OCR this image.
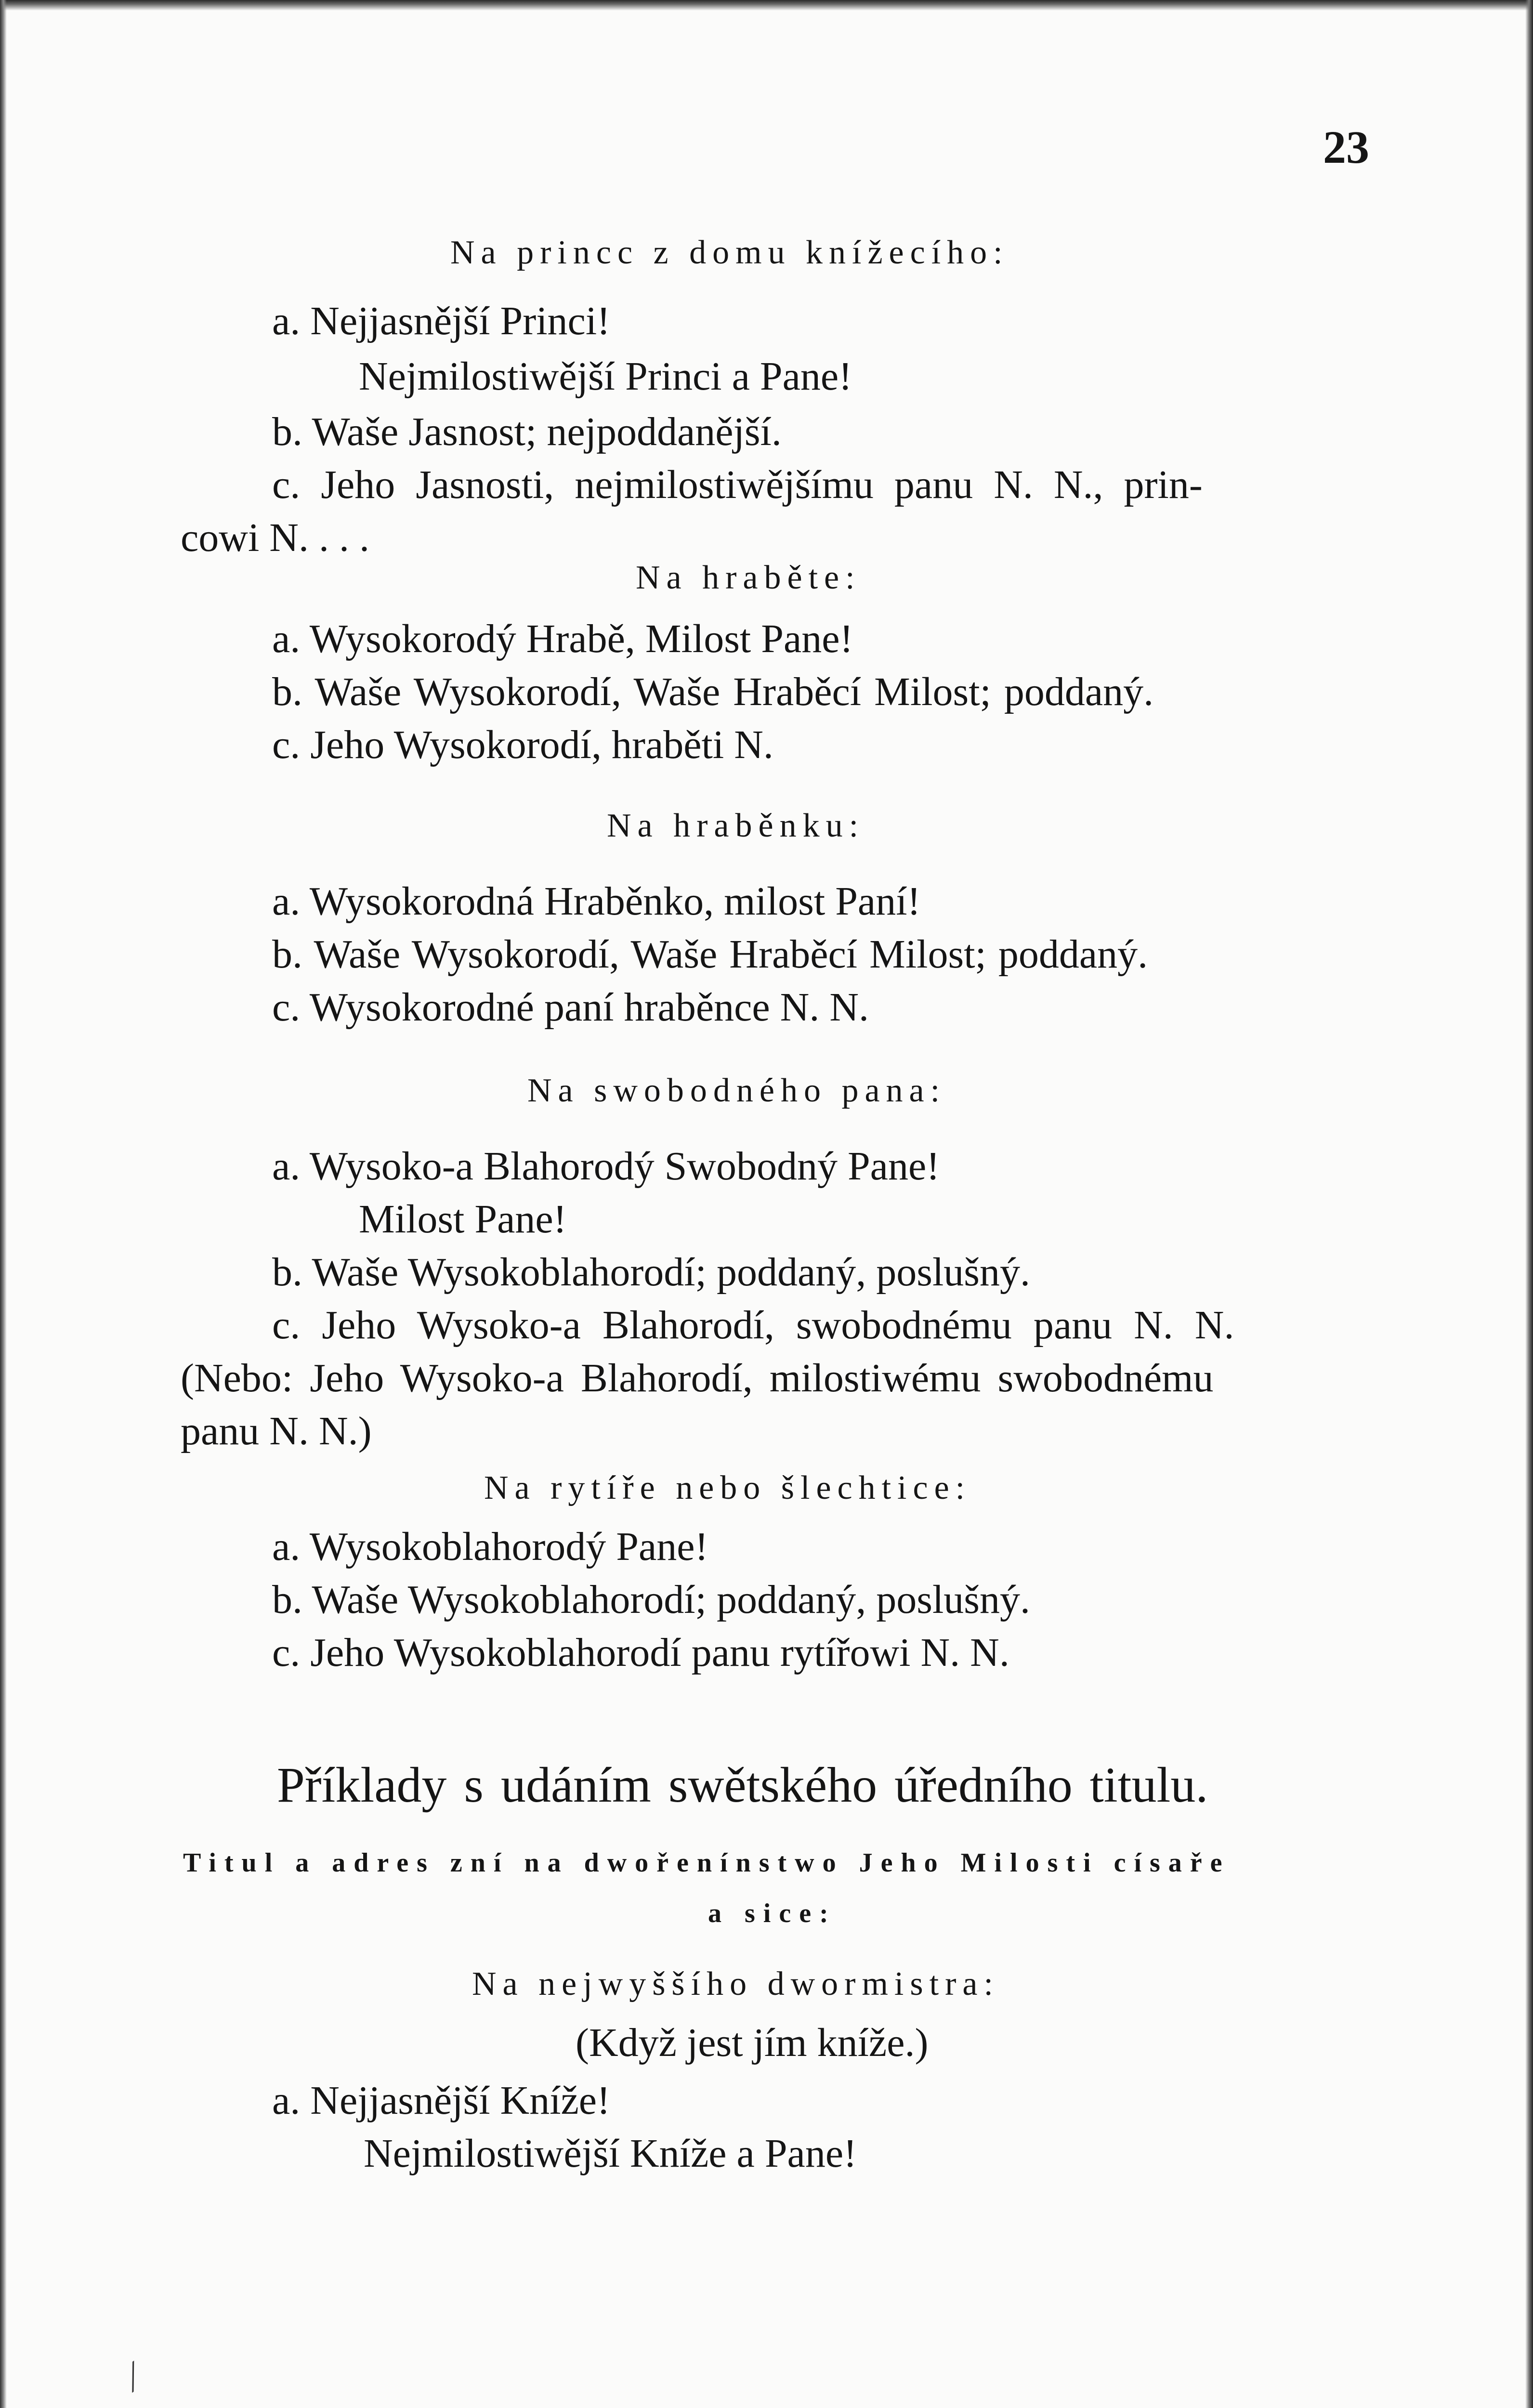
23
Na princc z domu knížecího:
a. Nejjasnější Princi!
Nejmilostiwější Princi a Pane!
b. Waše Jasnost; nejpoddanější.
c. Jeho Jasnosti, nejmilostiwějšímu panu N. N., prin-
cowi N. . . .
Na hraběte:
a. Wysokorodý Hrabě, Milost Pane!
b. Waše Wysokorodí, Waše Hraběcí Milost; poddaný.
c. Jeho Wysokorodí, hraběti N.
Na hraběnku:
a. Wysokorodná Hraběnko, milost Paní!
b. Waše Wysokorodí, Waše Hraběcí Milost; poddaný.
c. Wysokorodné paní hraběnce N. N.
Na swobodného pana:
a. Wysoko-a Blahorodý Swobodný Pane!
Milost Pane!
b. Waše Wysokoblahorodí; poddaný, poslušný.
c. Jeho Wysoko-a Blahorodí, swobodnému panu N. N.
(Nebo: Jeho Wysoko-a Blahorodí, milostiwému swobodnému
panu N. N.)
Na rytíře nebo šlechtice:
a. Wysokoblahorodý Pane!
b. Waše Wysokoblahorodí; poddaný, poslušný.
c. Jeho Wysokoblahorodí panu rytířowi N. N.
Příklady s udáním swětského úředního titulu.
Titul a adres zní na dwořenínstwo Jeho Milosti císaře
a sice:
Na nejwyššího dwormistra:
(Když jest jím kníže.)
a. Nejjasnější Kníže!
Nejmilostiwější Kníže a Pane!
⁄
